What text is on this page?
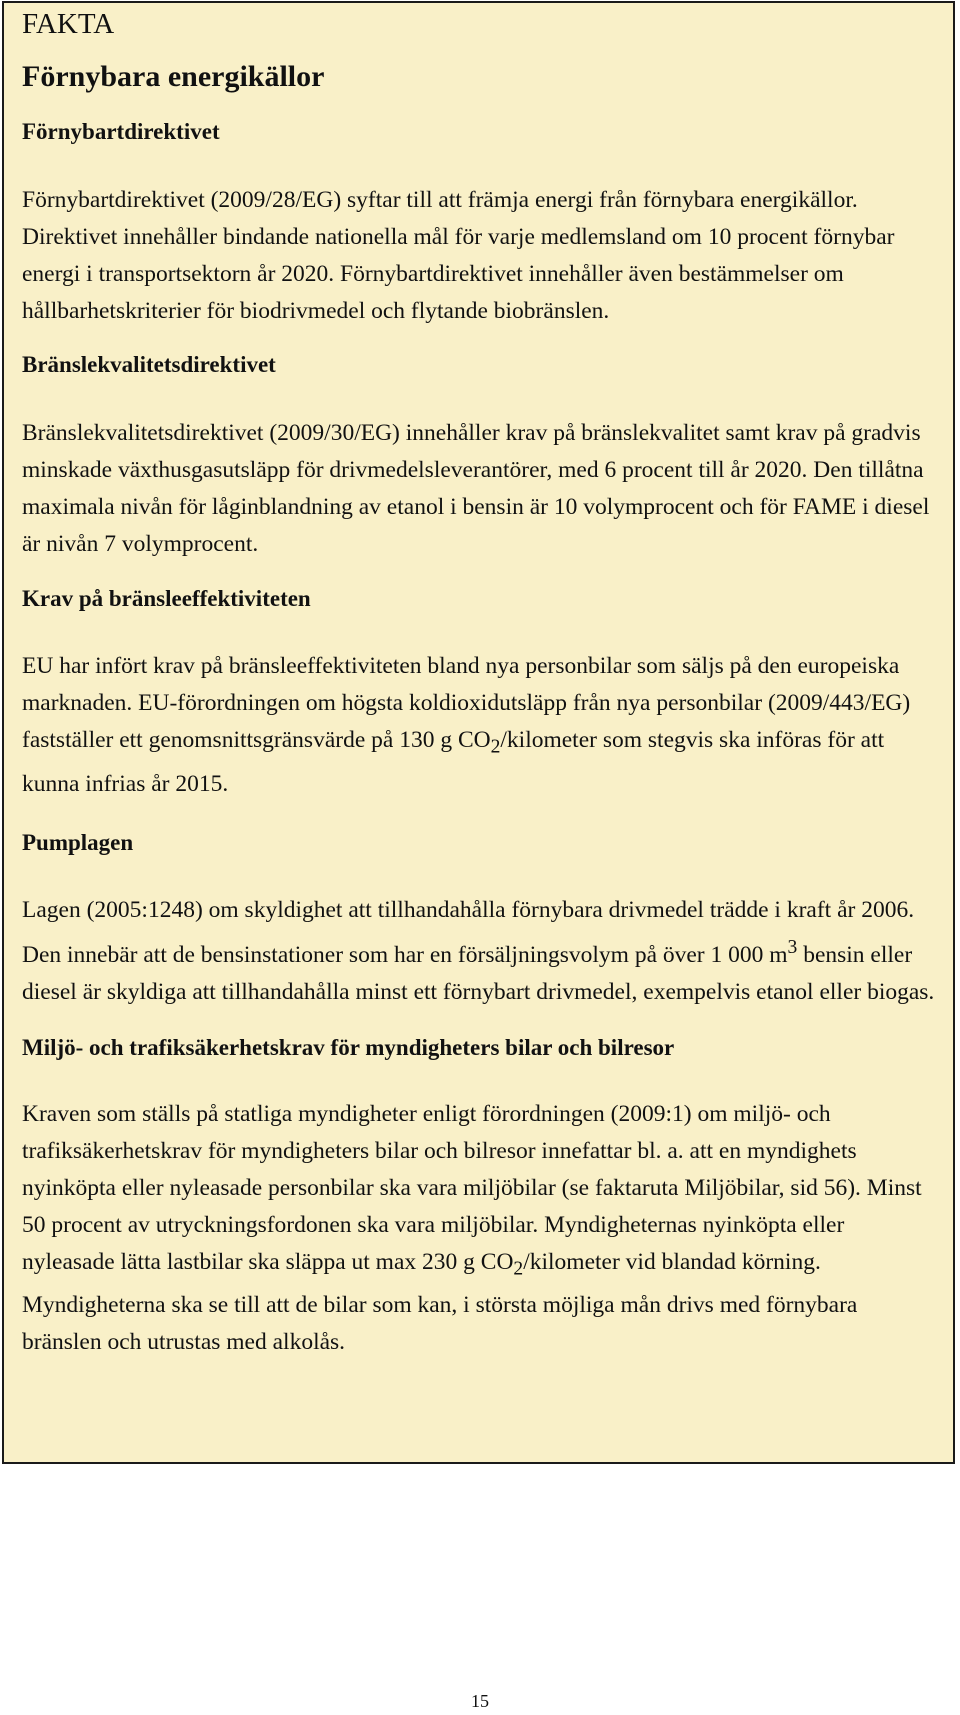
FAKTA
Förnybara energikällor
Förnybartdirektivet

Förnybartdirektivet (2009/28/EG) syftar till att främja energi från förnybara energikällor. Direktivet innehåller bindande nationella mål för varje medlemsland om 10 procent förnybar energi i transportsektorn år 2020. Förnybartdirektivet innehåller även bestämmelser om hållbarhetskriterier för biodrivmedel och flytande biobränslen.

Bränslekvalitetsdirektivet

Bränslekvalitetsdirektivet (2009/30/EG) innehåller krav på bränslekvalitet samt krav på gradvis minskade växthusgasutsläpp för drivmedelsleverantörer, med 6 procent till år 2020. Den tillåtna maximala nivån för låginblandning av etanol i bensin är 10 volymprocent och för FAME i diesel är nivån 7 volymprocent.

Krav på bränsleeffektiviteten

EU har infört krav på bränsleeffektiviteten bland nya personbilar som säljs på den europeiska marknaden. EU-förordningen om högsta koldioxidutsläpp från nya personbilar (2009/443/EG) fastställer ett genomsnittsgränsvärde på 130 g $CO_2$/kilometer som stegvis ska införas för att kunna infrias år 2015.

Pumplagen

Lagen (2005:1248) om skyldighet att tillhandahålla förnybara drivmedel trädde i kraft år 2006. Den innebär att de bensinstationer som har en försäljningsvolym på över 1 000 $m^3$ bensin eller diesel är skyldiga att tillhandahålla minst ett förnybart drivmedel, exempelvis etanol eller biogas.

Miljö- och trafiksäkerhetskrav för myndigheters bilar och bilresor

Kraven som ställs på statliga myndigheter enligt förordningen (2009:1) om miljö- och trafiksäkerhetskrav för myndigheters bilar och bilresor innefattar bl. a. att en myndighets nyinköpta eller nyleasade personbilar ska vara miljöbilar (se faktaruta Miljöbilar, sid 56). Minst 50 procent av utryckningsfordonen ska vara miljöbilar. Myndigheternas nyinköpta eller nyleasade lätta lastbilar ska släppa ut max 230 g $CO_2$/kilometer vid blandad körning. Myndigheterna ska se till att de bilar som kan, i största möjliga mån drivs med förnybara bränslen och utrustas med alkolås.

15
